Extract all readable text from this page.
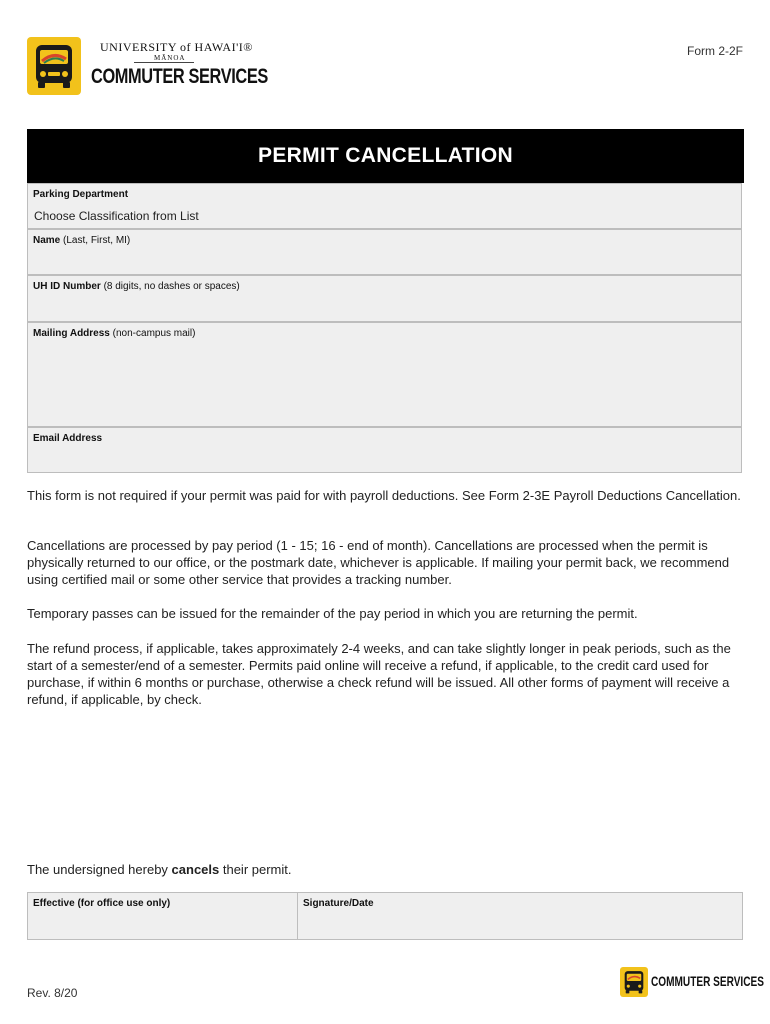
UNIVERSITY of HAWAI'I®
MĀNOA
COMMUTER SERVICES
Form 2-2F
PERMIT CANCELLATION
Parking Department
Choose Classification from List
Name (Last, First, MI)
UH ID Number (8 digits, no dashes or spaces)
Mailing Address (non-campus mail)
Email Address
This form is not required if your permit was paid for with payroll deductions. See Form 2-3E Payroll Deductions Cancellation.
Cancellations are processed by pay period (1 - 15; 16 - end of month). Cancellations are processed when the permit is physically returned to our office, or the postmark date, whichever is applicable. If mailing your permit back, we recommend using certified mail or some other service that provides a tracking number.
Temporary passes can be issued for the remainder of the pay period in which you are returning the permit.
The refund process, if applicable, takes approximately 2-4 weeks, and can take slightly longer in peak periods, such as the start of a semester/end of a semester. Permits paid online will receive a refund, if applicable, to the credit card used for purchase, if within 6 months or purchase, otherwise a check refund will be issued. All other forms of payment will receive a refund, if applicable, by check.
The undersigned hereby cancels their permit.
Effective (for office use only)	Signature/Date
Rev. 8/20
COMMUTER SERVICES
